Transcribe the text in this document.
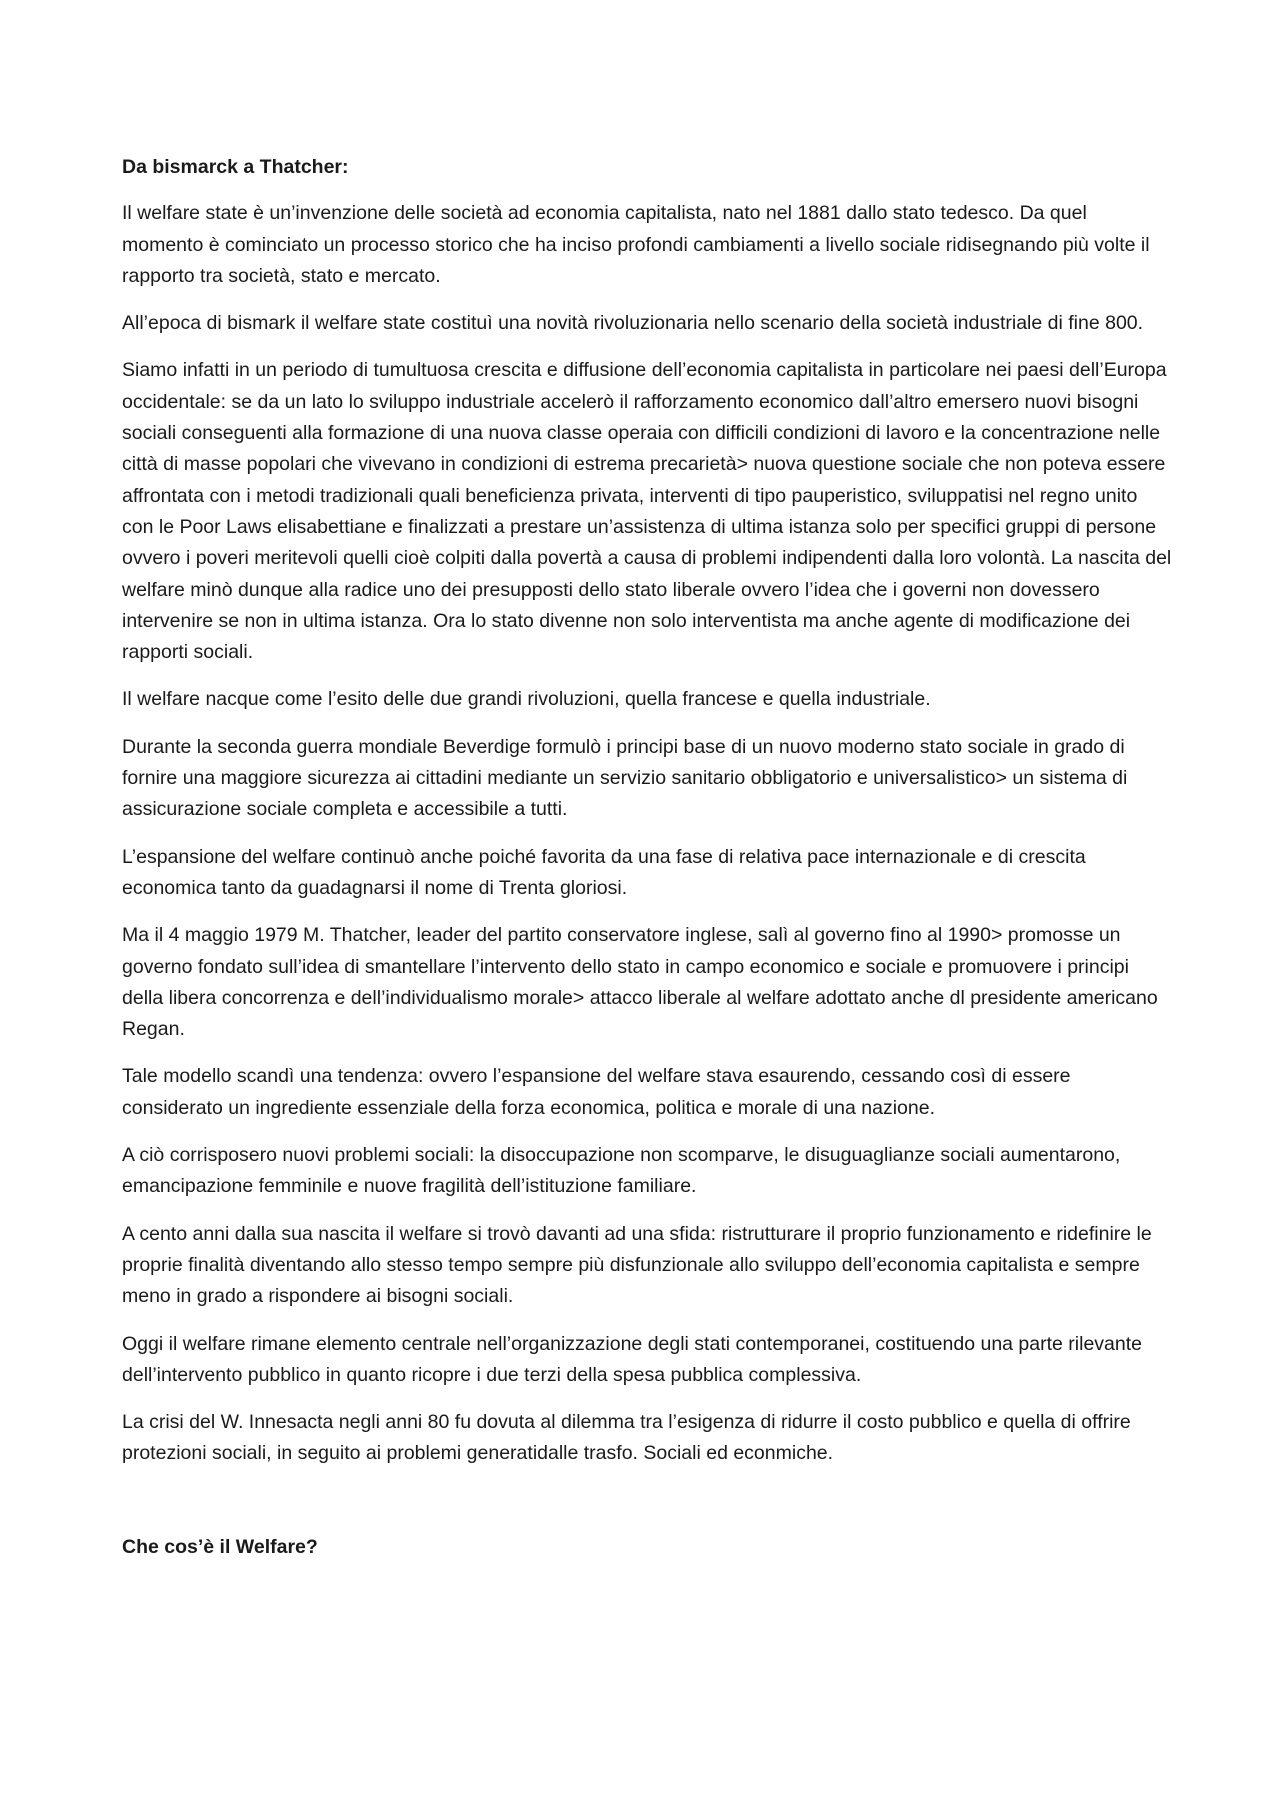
Da bismarck a Thatcher:

Il welfare state è un’invenzione delle società ad economia capitalista, nato nel 1881 dallo stato tedesco. Da quel momento è cominciato un processo storico che ha inciso profondi cambiamenti a livello sociale ridisegnando più volte il rapporto tra società, stato e mercato.

All’epoca di bismark il welfare state costituì una novità rivoluzionaria nello scenario della società industriale di fine 800.

Siamo infatti in un periodo di tumultuosa crescita e diffusione dell’economia capitalista in particolare nei paesi dell’Europa occidentale: se da un lato lo sviluppo industriale accelerò il rafforzamento economico dall’altro emersero nuovi bisogni sociali conseguenti alla formazione di una nuova classe operaia con difficili condizioni di lavoro e la concentrazione nelle città di masse popolari che vivevano in condizioni di estrema precarietà> nuova questione sociale che non poteva essere affrontata con i metodi tradizionali quali beneficienza privata, interventi di tipo pauperistico, sviluppatisi nel regno unito con le Poor Laws elisabettiane e finalizzati a prestare un’assistenza di ultima istanza solo per specifici gruppi di persone ovvero i poveri meritevoli quelli cioè colpiti dalla povertà a causa di problemi indipendenti dalla loro volontà. La nascita del welfare minò dunque alla radice uno dei presupposti dello stato liberale ovvero l’idea che i governi non dovessero intervenire se non in ultima istanza. Ora lo stato divenne non solo interventista ma anche agente di modificazione dei rapporti sociali.

Il welfare nacque come l’esito delle due grandi rivoluzioni, quella francese e quella industriale.

Durante la seconda guerra mondiale Beverdige formulò i principi base di un nuovo moderno stato sociale in grado di fornire una maggiore sicurezza ai cittadini mediante un servizio sanitario obbligatorio e universalistico> un sistema di assicurazione sociale completa e accessibile a tutti.

L’espansione del welfare continuò anche poiché favorita da una fase di relativa pace internazionale e di crescita economica tanto da guadagnarsi il nome di Trenta gloriosi.

Ma il 4 maggio 1979 M. Thatcher, leader del partito conservatore inglese, salì al governo fino al 1990> promosse un governo fondato sull’idea di smantellare l’intervento dello stato in campo economico e sociale e promuovere i principi della libera concorrenza e dell’individualismo morale> attacco liberale al welfare adottato anche dl presidente americano Regan.

Tale modello scandì una tendenza: ovvero l’espansione del welfare stava esaurendo, cessando così di essere considerato un ingrediente essenziale della forza economica, politica e morale di una nazione.

A ciò corrisposero nuovi problemi sociali: la disoccupazione non scomparve, le disuguaglianze sociali aumentarono, emancipazione femminile e nuove fragilità dell’istituzione familiare.

A cento anni dalla sua nascita il welfare si trovò davanti ad una sfida: ristrutturare il proprio funzionamento e ridefinire le proprie finalità diventando allo stesso tempo sempre più disfunzionale allo sviluppo dell’economia capitalista e sempre meno in grado a rispondere ai bisogni sociali.

Oggi il welfare rimane elemento centrale nell’organizzazione degli stati contemporanei, costituendo una parte rilevante dell’intervento pubblico in quanto ricopre i due terzi della spesa pubblica complessiva.

La crisi del W. Innesacta negli anni 80 fu dovuta al dilemma tra l’esigenza di ridurre il costo pubblico e quella di offrire protezioni sociali, in seguito ai problemi generatidalle trasfo. Sociali ed econmiche.

Che cos’è il Welfare?
